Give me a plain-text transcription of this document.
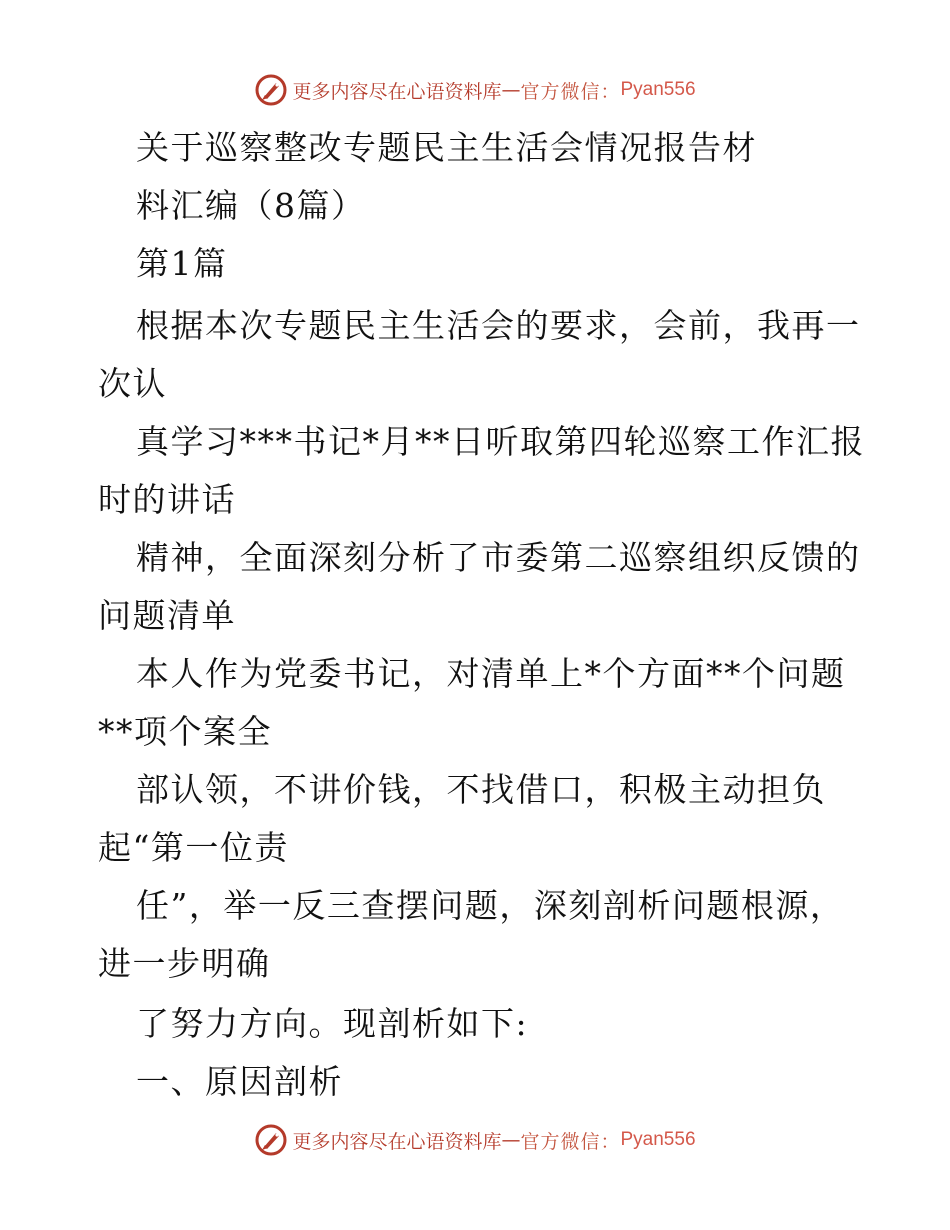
更多内容尽在心语资料库 — 官方微信： Pyan556
关于巡察整改专题民主生活会情况报告材
料汇编（8篇）
第1篇
根据本次专题民主生活会的要求，会前，我再一
次认
真学习***书记*月**日听取第四轮巡察工作汇报
时的讲话
精神，全面深刻分析了市委第二巡察组织反馈的
问题清单
本人作为党委书记，对清单上*个方面**个问题
**项个案全
部认领，不讲价钱，不找借口，积极主动担负
起“第一位责
任”，举一反三查摆问题，深刻剖析问题根源，
进一步明确
了努力方向。现剖析如下:
一、原因剖析
更多内容尽在心语资料库 — 官方微信： Pyan556
